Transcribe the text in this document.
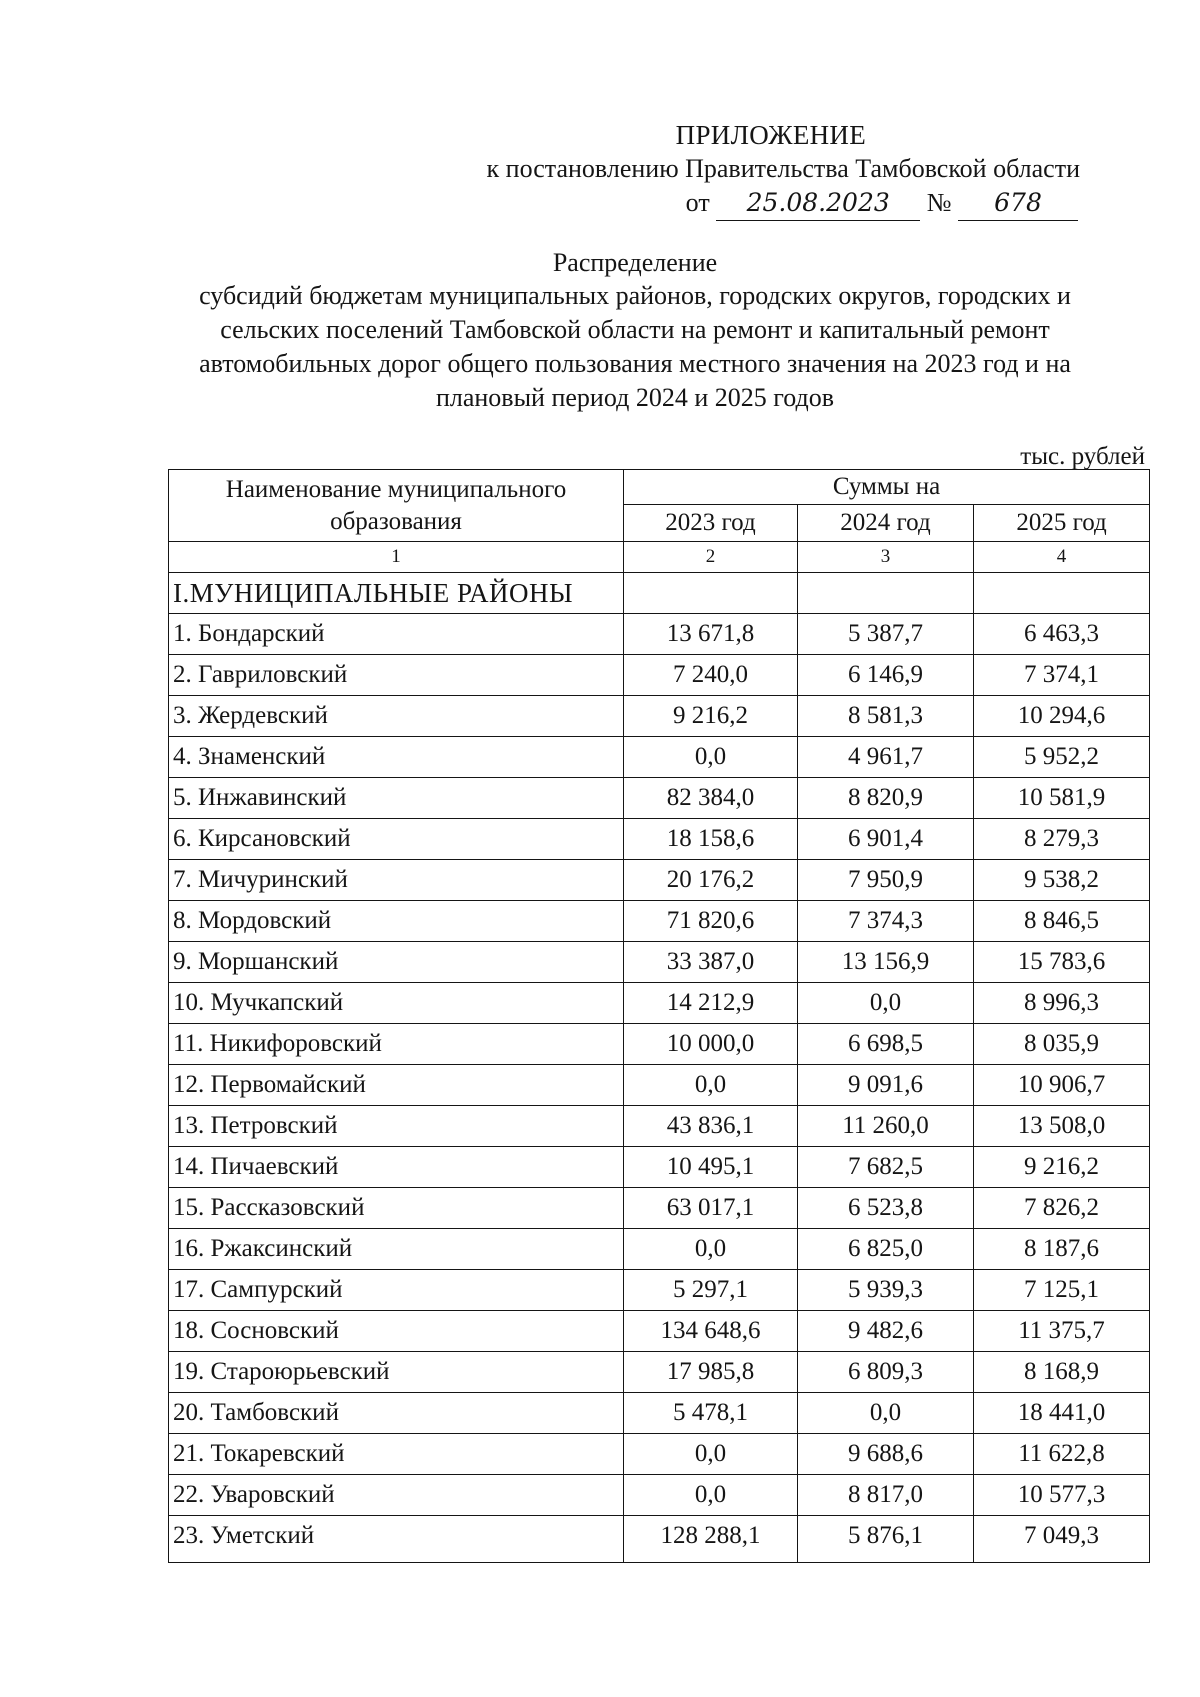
ПРИЛОЖЕНИЕ
к постановлению Правительства Тамбовской области
от 25.08.2023 № 678
Распределение
субсидий бюджетам муниципальных районов, городских округов, городских и
сельских поселений Тамбовской области на ремонт и капитальный ремонт
автомобильных дорог общего пользования местного значения на 2023 год и на
плановый период 2024 и 2025 годов
тыс. рублей
Наименование муниципального образования	Суммы на		
	2023 год	2024 год	2025 год
1	2	3	4
I.МУНИЦИПАЛЬНЫЕ РАЙОНЫ			
1. Бондарский	13 671,8	5 387,7	6 463,3
2. Гавриловский	7 240,0	6 146,9	7 374,1
3. Жердевский	9 216,2	8 581,3	10 294,6
4. Знаменский	0,0	4 961,7	5 952,2
5. Инжавинский	82 384,0	8 820,9	10 581,9
6. Кирсановский	18 158,6	6 901,4	8 279,3
7. Мичуринский	20 176,2	7 950,9	9 538,2
8. Мордовский	71 820,6	7 374,3	8 846,5
9. Моршанский	33 387,0	13 156,9	15 783,6
10. Мучкапский	14 212,9	0,0	8 996,3
11. Никифоровский	10 000,0	6 698,5	8 035,9
12. Первомайский	0,0	9 091,6	10 906,7
13. Петровский	43 836,1	11 260,0	13 508,0
14. Пичаевский	10 495,1	7 682,5	9 216,2
15. Рассказовский	63 017,1	6 523,8	7 826,2
16. Ржаксинский	0,0	6 825,0	8 187,6
17. Сампурский	5 297,1	5 939,3	7 125,1
18. Сосновский	134 648,6	9 482,6	11 375,7
19. Староюрьевский	17 985,8	6 809,3	8 168,9
20. Тамбовский	5 478,1	0,0	18 441,0
21. Токаревский	0,0	9 688,6	11 622,8
22. Уваровский	0,0	8 817,0	10 577,3
23. Уметский	128 288,1	5 876,1	7 049,3
